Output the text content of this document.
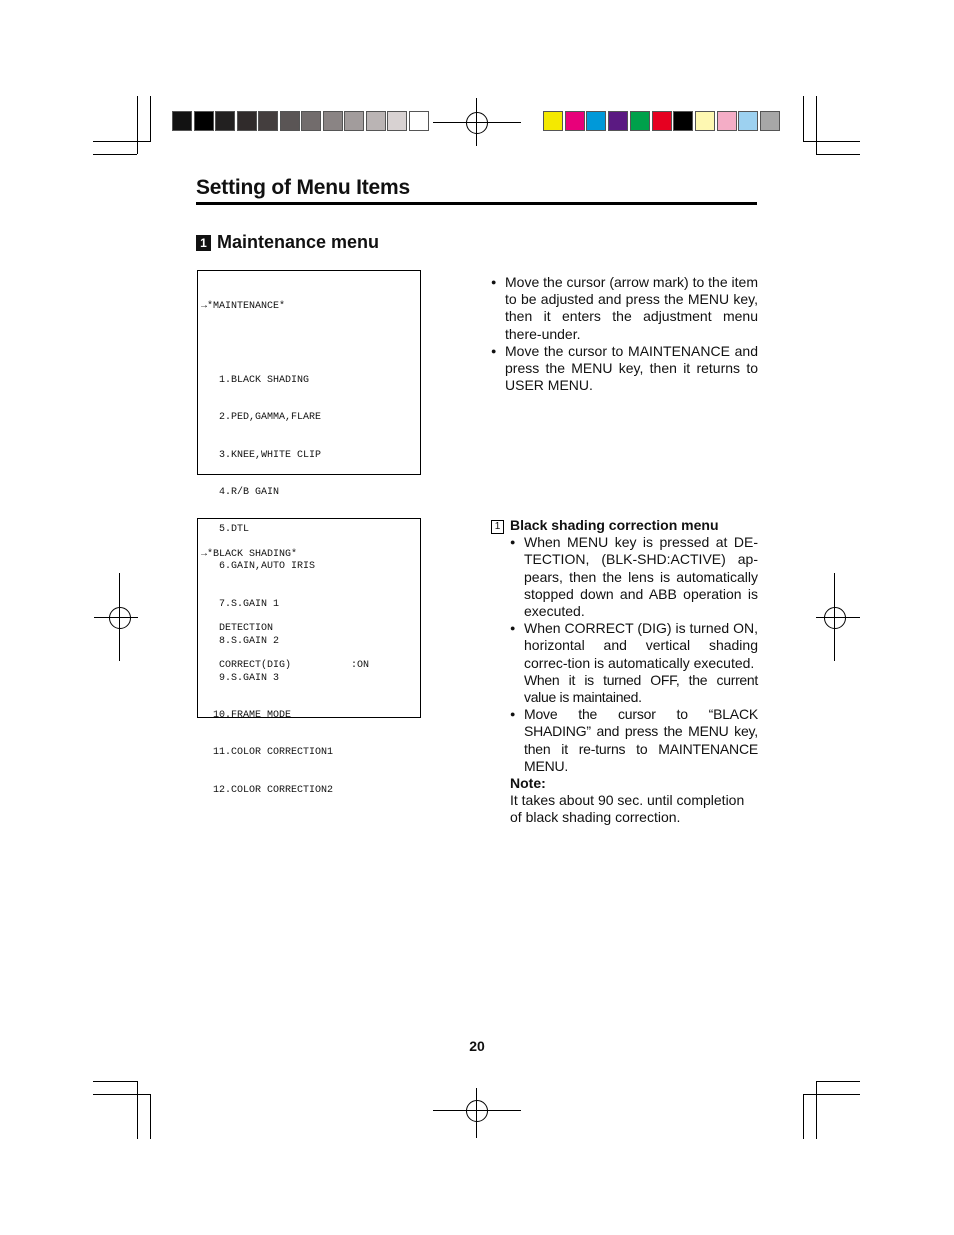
Setting of Menu Items
1 Maintenance menu

→*MAINTENANCE*

1.BLACK SHADING

2.PED,GAMMA,FLARE

3.KNEE,WHITE CLIP

4.R/B GAIN

5.DTL

6.GAIN,AUTO IRIS

7.S.GAIN 1

8.S.GAIN 2

9.S.GAIN 3

10.FRAME MODE

11.COLOR CORRECTION1

12.COLOR CORRECTION2

● Move the cursor (arrow mark) to the item to be adjusted and press the MENU key, then it enters the adjustment menu there-under.
● Move the cursor to MAINTENANCE and press the MENU key, then it returns to USER MENU.

→*BLACK SHADING*

DETECTION

CORRECT(DIG)          :ON

1 Black shading correction menu
● When MENU key is pressed at DE-TECTION, (BLK-SHD:ACTIVE) ap-pears, then the lens is automatically stopped down and ABB operation is executed.
● When CORRECT (DIG) is turned ON, horizontal and vertical shading correc-tion is automatically executed.
When it is turned OFF, the current value is maintained.
● Move the cursor to “BLACK SHADING” and press the MENU key, then it re-turns to MAINTENANCE MENU.
Note:
It takes about 90 sec. until completion of black shading correction.
20
